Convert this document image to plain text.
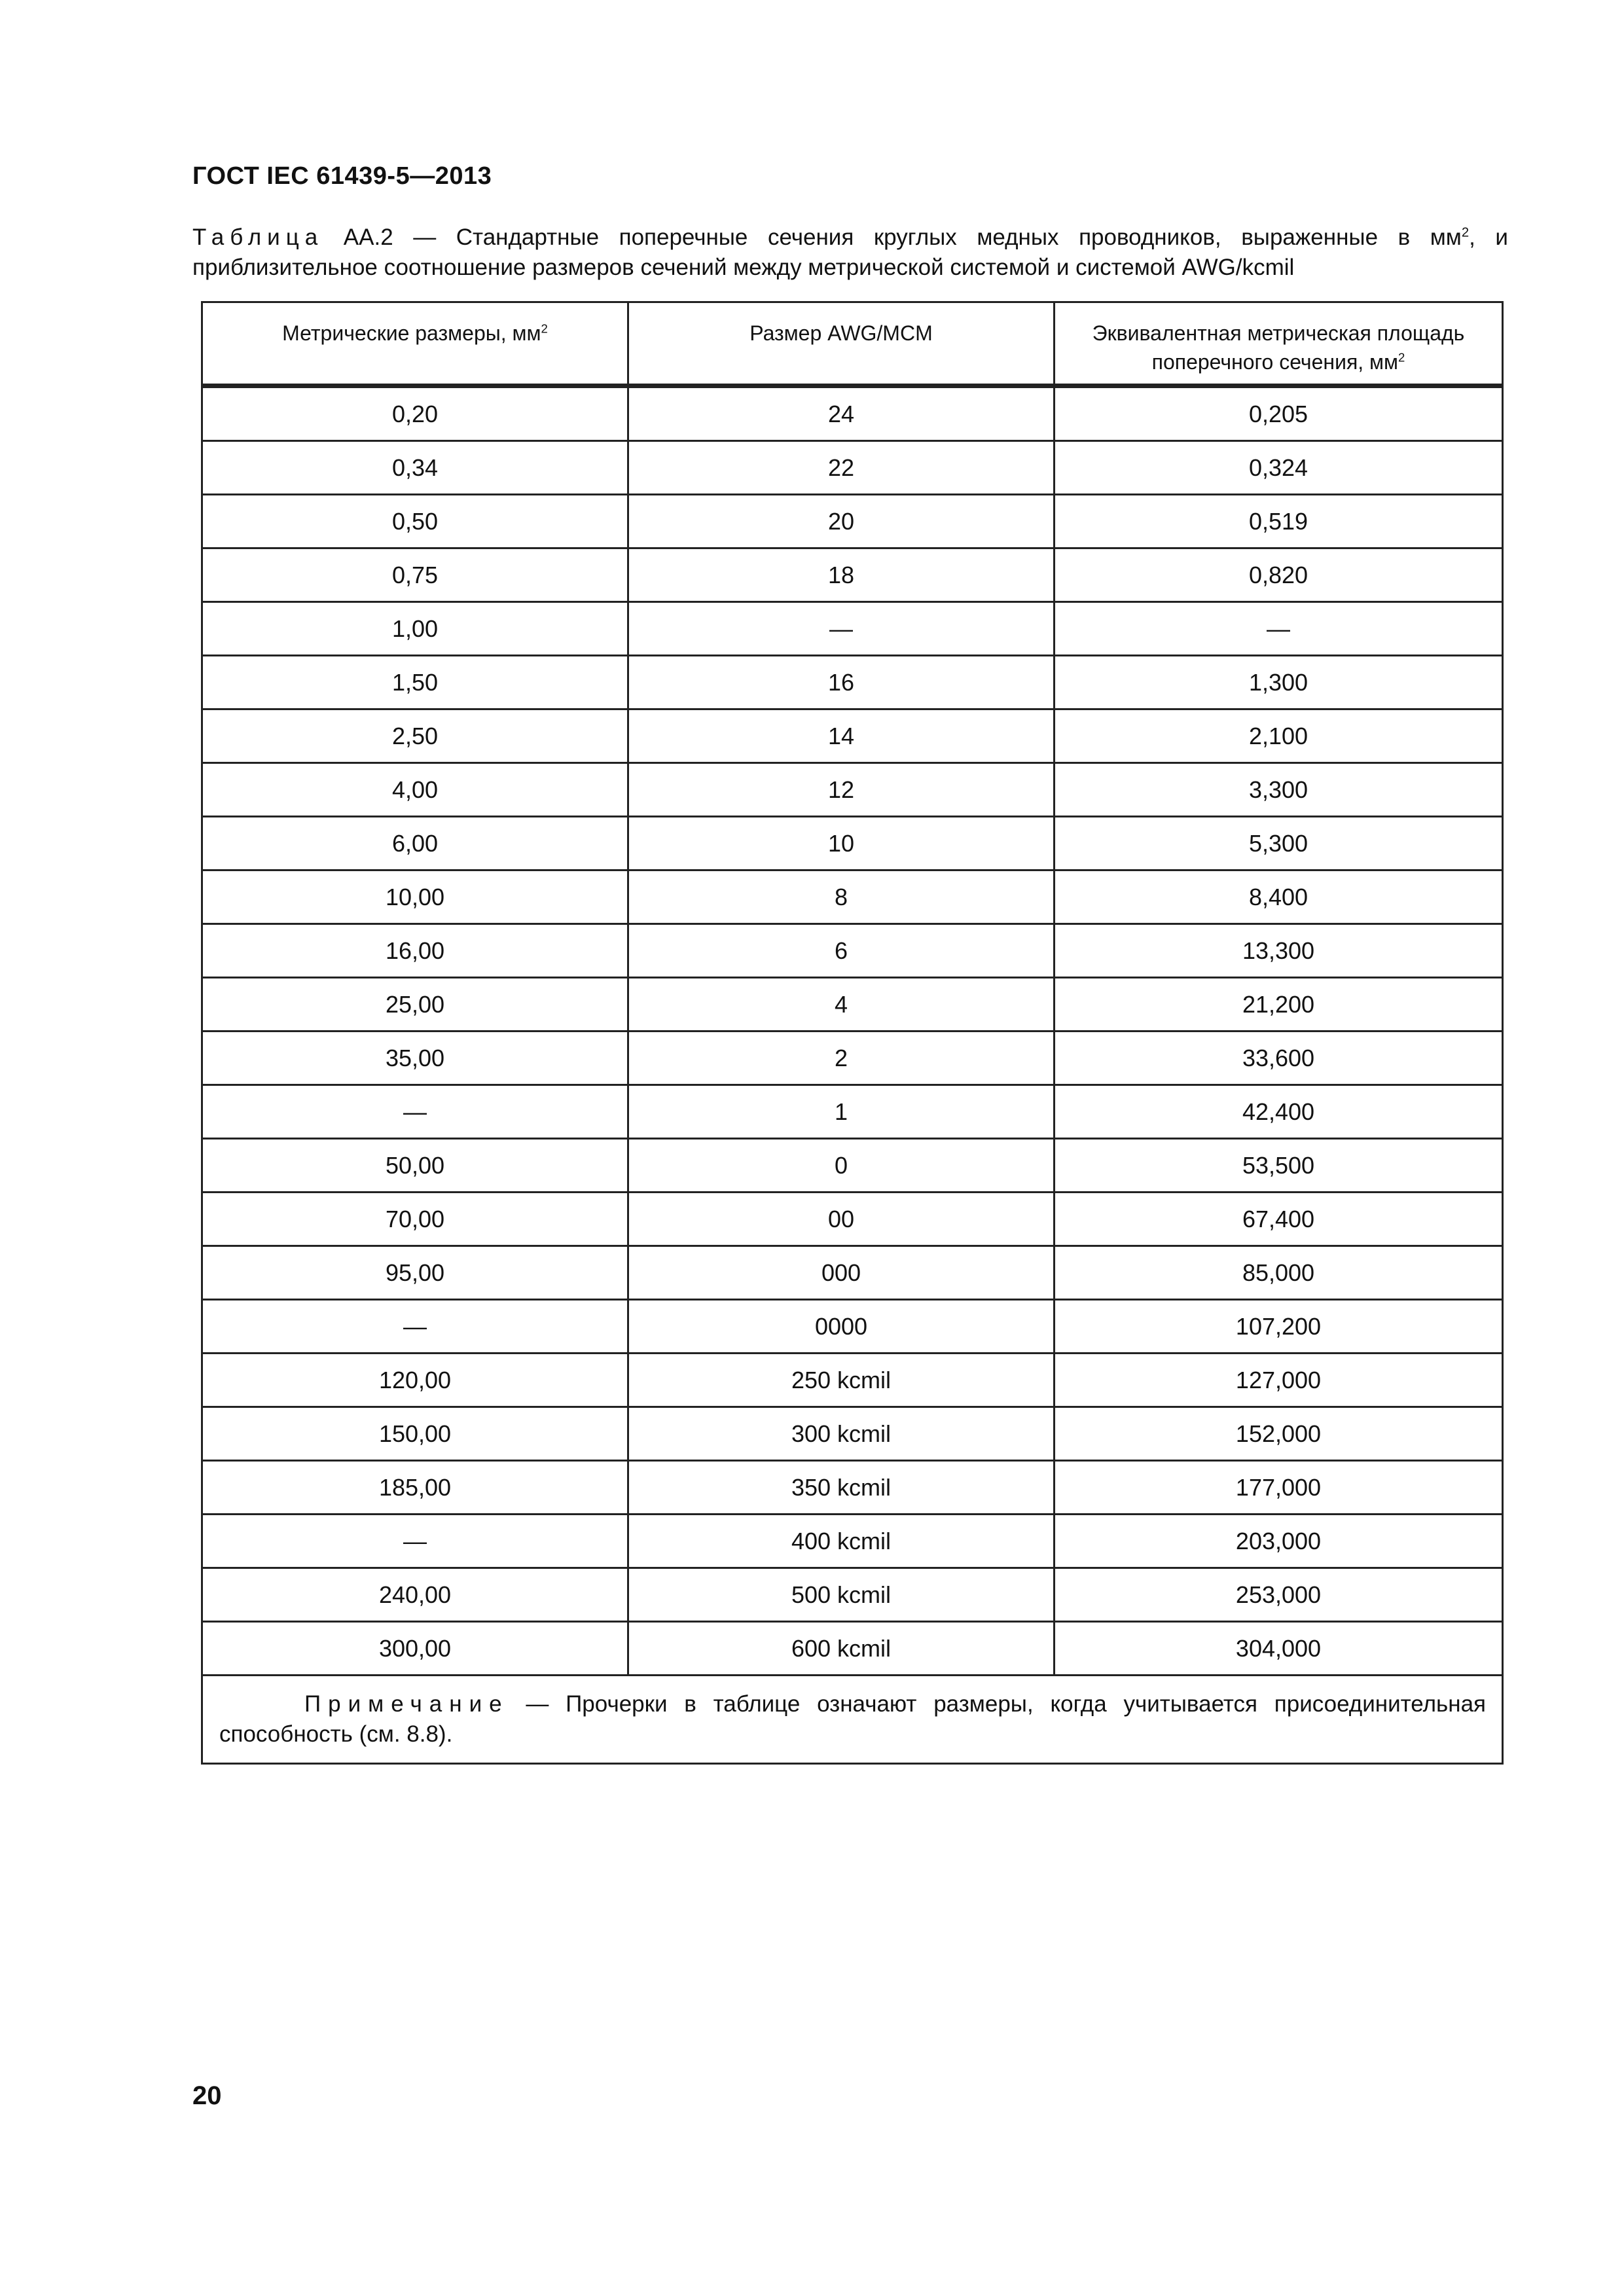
ГОСТ IEC 61439-5—2013
Таблица АА.2 — Стандартные поперечные сечения круглых медных проводников, выраженные в $мм^2$, и приблизительное соотношение размеров сечений между метрической системой и системой AWG/kcmil
Метрические размеры, $мм^2$	Размер AWG/MCM	Эквивалентная метрическая площадь поперечного сечения, $мм^2$
0,20	24	0,205
0,34	22	0,324
0,50	20	0,519
0,75	18	0,820
1,00	—	—
1,50	16	1,300
2,50	14	2,100
4,00	12	3,300
6,00	10	5,300
10,00	8	8,400
16,00	6	13,300
25,00	4	21,200
35,00	2	33,600
—	1	42,400
50,00	0	53,500
70,00	00	67,400
95,00	000	85,000
—	0000	107,200
120,00	250 kcmil	127,000
150,00	300 kcmil	152,000
185,00	350 kcmil	177,000
—	400 kcmil	203,000
240,00	500 kcmil	253,000
300,00	600 kcmil	304,000
Примечание — Прочерки в таблице означают размеры, когда учитывается присоединительная способность (см. 8.8).		
20
